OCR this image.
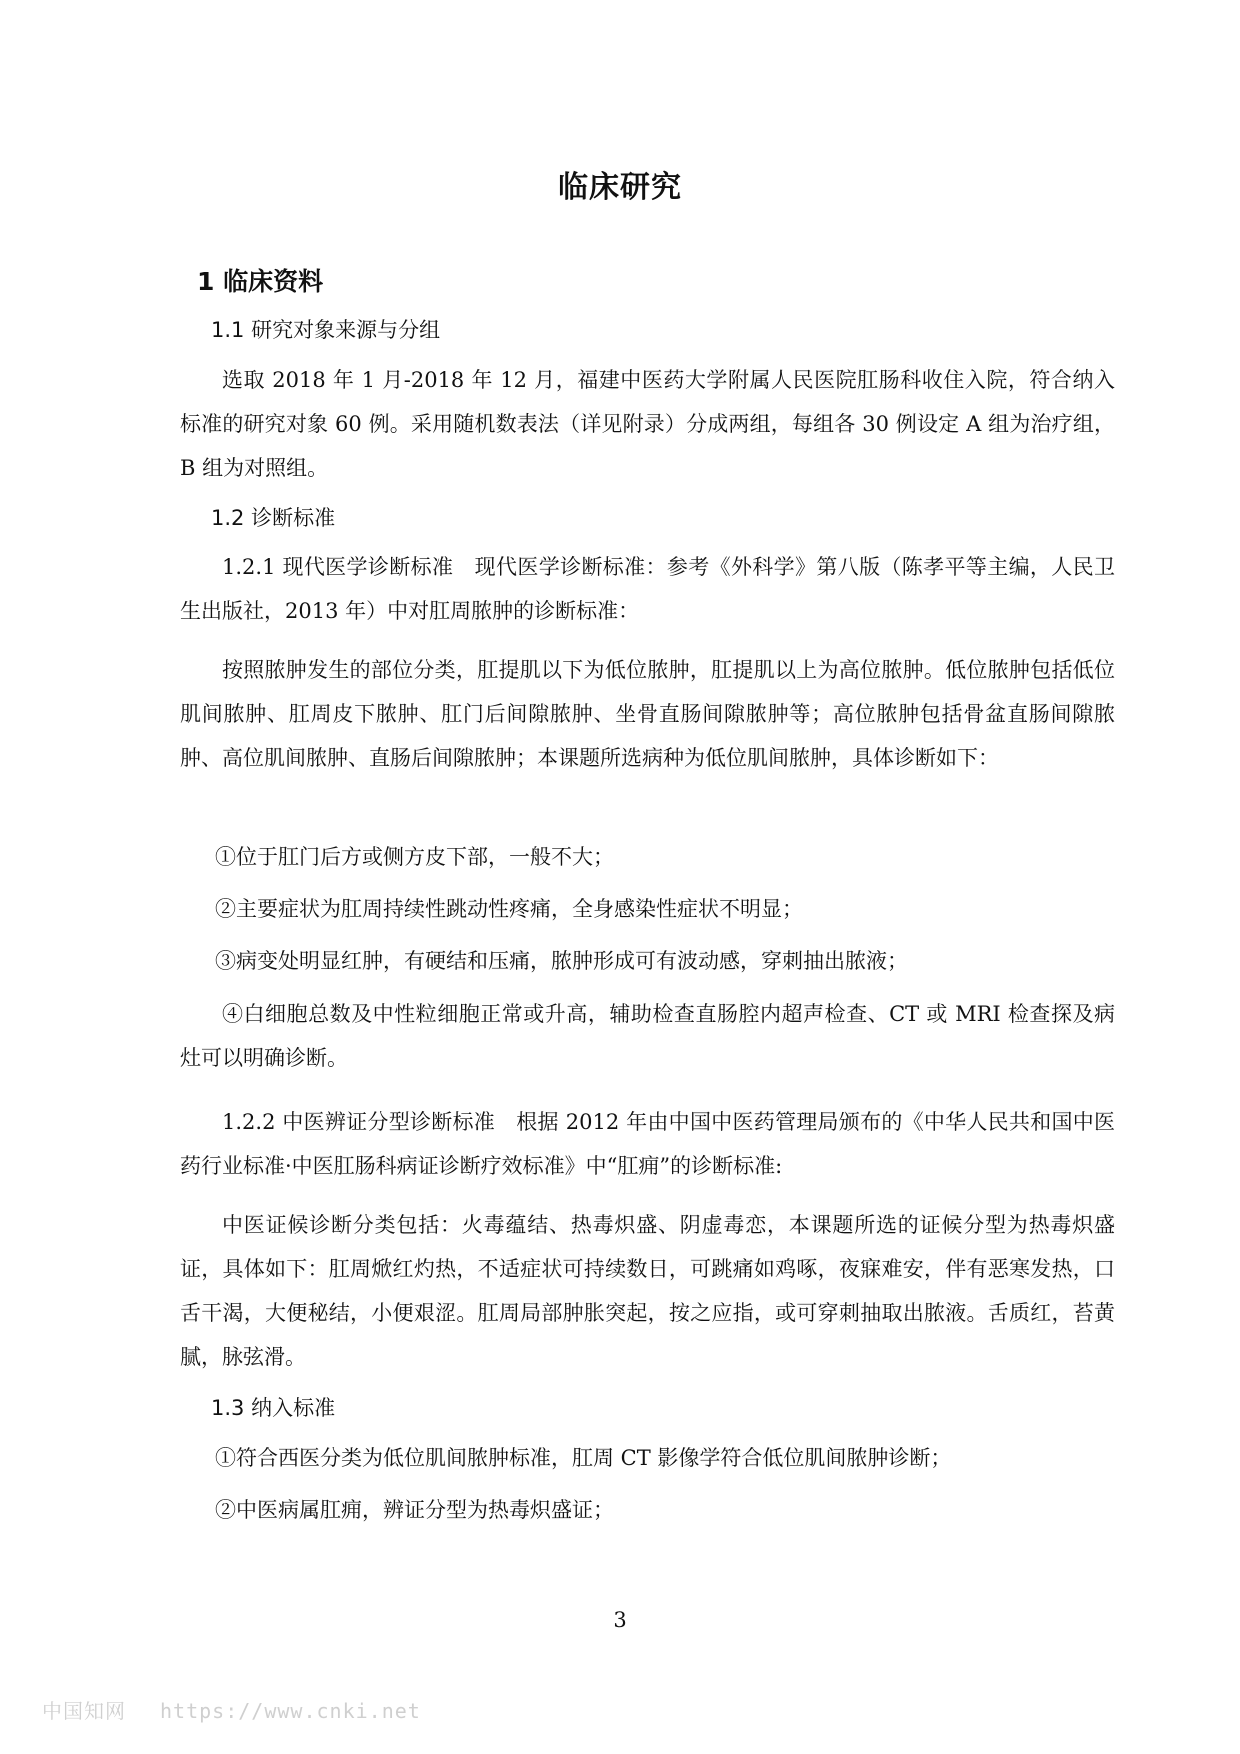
临床研究
1 临床资料
1.1 研究对象来源与分组
选取 2018 年 1 月-2018 年 12 月，福建中医药大学附属人民医院肛肠科收住入院，符合纳入标准的研究对象 60 例。采用随机数表法（详见附录）分成两组，每组各 30 例设定 A 组为治疗组，B 组为对照组。
1.2 诊断标准
1.2.1 现代医学诊断标准　现代医学诊断标准：参考《外科学》第八版（陈孝平等主编，人民卫生出版社，2013 年）中对肛周脓肿的诊断标准：
按照脓肿发生的部位分类，肛提肌以下为低位脓肿，肛提肌以上为高位脓肿。低位脓肿包括低位肌间脓肿、肛周皮下脓肿、肛门后间隙脓肿、坐骨直肠间隙脓肿等；高位脓肿包括骨盆直肠间隙脓肿、高位肌间脓肿、直肠后间隙脓肿；本课题所选病种为低位肌间脓肿，具体诊断如下：
①位于肛门后方或侧方皮下部，一般不大；
②主要症状为肛周持续性跳动性疼痛，全身感染性症状不明显；
③病变处明显红肿，有硬结和压痛，脓肿形成可有波动感，穿刺抽出脓液；
④白细胞总数及中性粒细胞正常或升高，辅助检查直肠腔内超声检查、CT 或 MRI 检查探及病灶可以明确诊断。
1.2.2 中医辨证分型诊断标准　根据 2012 年由中国中医药管理局颁布的《中华人民共和国中医药行业标准·中医肛肠科病证诊断疗效标准》中“肛痈”的诊断标准:
中医证候诊断分类包括：火毒蕴结、热毒炽盛、阴虚毒恋，本课题所选的证候分型为热毒炽盛证，具体如下：肛周焮红灼热，不适症状可持续数日，可跳痛如鸡啄，夜寐难安，伴有恶寒发热，口舌干渴，大便秘结，小便艰涩。肛周局部肿胀突起，按之应指，或可穿刺抽取出脓液。舌质红，苔黄腻，脉弦滑。
1.3 纳入标准
①符合西医分类为低位肌间脓肿标准，肛周 CT 影像学符合低位肌间脓肿诊断；
②中医病属肛痈，辨证分型为热毒炽盛证；
3
中国知网 https://www.cnki.net
